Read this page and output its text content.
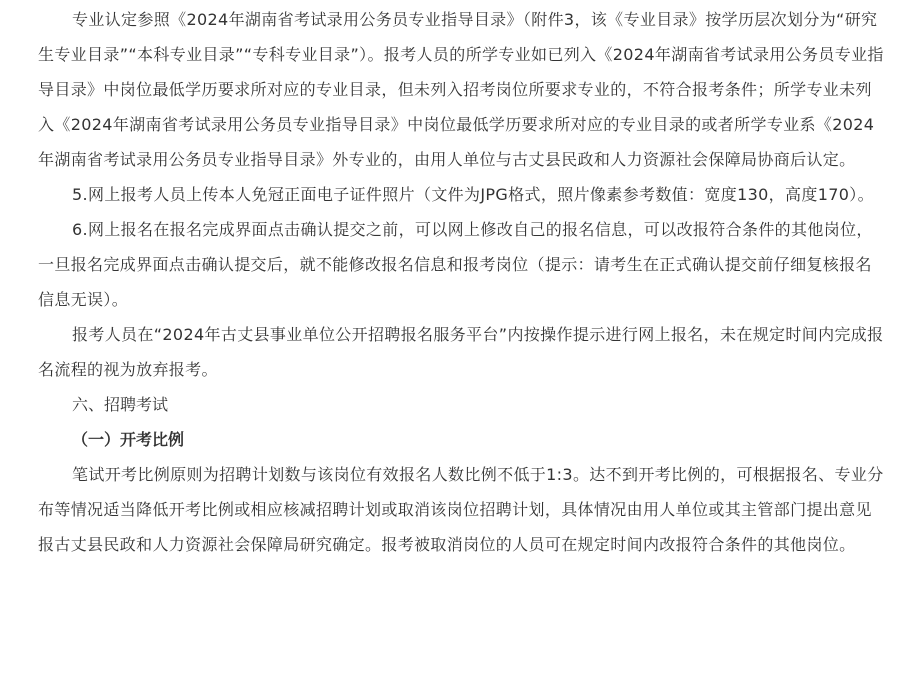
专业认定参照《2024年湖南省考试录用公务员专业指导目录》（附件3，该《专业目录》按学历层次划分为“研究生专业目录”“本科专业目录”“专科专业目录”）。报考人员的所学专业如已列入《2024年湖南省考试录用公务员专业指导目录》中岗位最低学历要求所对应的专业目录，但未列入招考岗位所要求专业的，不符合报考条件；所学专业未列入《2024年湖南省考试录用公务员专业指导目录》中岗位最低学历要求所对应的专业目录的或者所学专业系《2024年湖南省考试录用公务员专业指导目录》外专业的，由用人单位与古丈县民政和人力资源社会保障局协商后认定。

5.网上报考人员上传本人免冠正面电子证件照片（文件为JPG格式，照片像素参考数值：宽度130，高度170）。

6.网上报名在报名完成界面点击确认提交之前，可以网上修改自己的报名信息，可以改报符合条件的其他岗位，一旦报名完成界面点击确认提交后，就不能修改报名信息和报考岗位（提示：请考生在正式确认提交前仔细复核报名信息无误）。

报考人员在“2024年古丈县事业单位公开招聘报名服务平台”内按操作提示进行网上报名，未在规定时间内完成报名流程的视为放弃报考。

六、招聘考试

（一）开考比例

笔试开考比例原则为招聘计划数与该岗位有效报名人数比例不低于1:3。达不到开考比例的，可根据报名、专业分布等情况适当降低开考比例或相应核减招聘计划或取消该岗位招聘计划，具体情况由用人单位或其主管部门提出意见报古丈县民政和人力资源社会保障局研究确定。报考被取消岗位的人员可在规定时间内改报符合条件的其他岗位。
